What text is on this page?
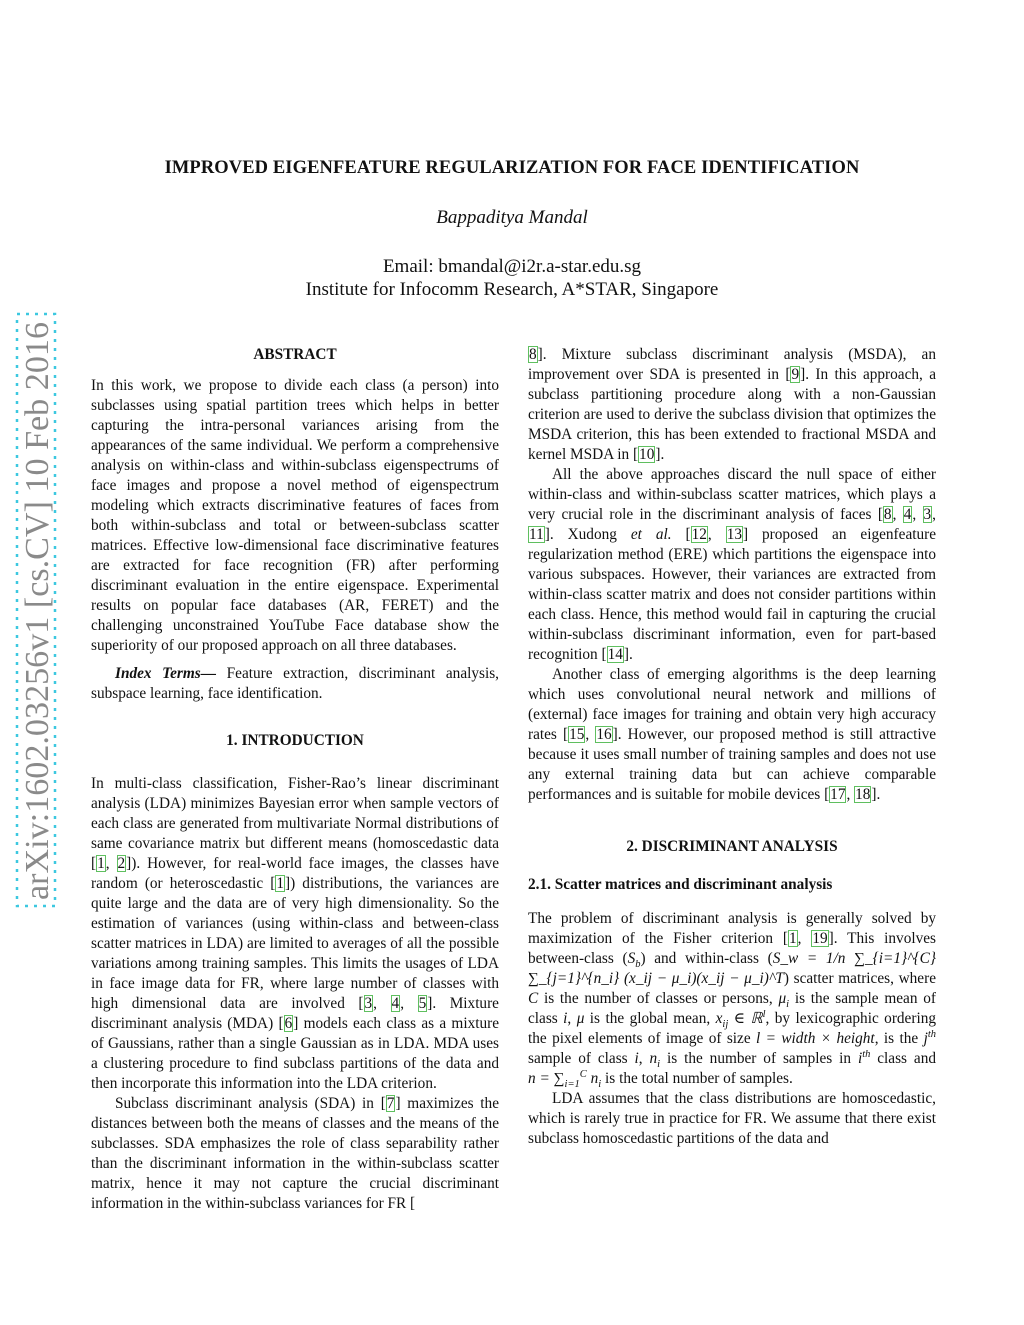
arXiv:1602.03256v1 [cs.CV] 10 Feb 2016
IMPROVED EIGENFEATURE REGULARIZATION FOR FACE IDENTIFICATION
Bappaditya Mandal
Email: bmandal@i2r.a-star.edu.sg
Institute for Infocomm Research, A*STAR, Singapore

ABSTRACT

In this work, we propose to divide each class (a person) into subclasses using spatial partition trees which helps in better capturing the intra-personal variances arising from the appearances of the same individual. We perform a comprehensive analysis on within-class and within-subclass eigenspectrums of face images and propose a novel method of eigenspectrum modeling which extracts discriminative features of faces from both within-subclass and total or between-subclass scatter matrices. Effective low-dimensional face discriminative features are extracted for face recognition (FR) after performing discriminant evaluation in the entire eigenspace. Experimental results on popular face databases (AR, FERET) and the challenging unconstrained YouTube Face database show the superiority of our proposed approach on all three databases.

Index Terms— Feature extraction, discriminant analysis, subspace learning, face identification.

1. INTRODUCTION

In multi-class classification, Fisher-Rao’s linear discriminant analysis (LDA) minimizes Bayesian error when sample vectors of each class are generated from multivariate Normal distributions of same covariance matrix but different means (homoscedastic data [1, 2]). However, for real-world face images, the classes have random (or heteroscedastic [1]) distributions, the variances are quite large and the data are of very high dimensionality. So the estimation of variances (using within-class and between-class scatter matrices in LDA) are limited to averages of all the possible variations among training samples. This limits the usages of LDA in face image data for FR, where large number of classes with high dimensional data are involved [3, 4, 5]. Mixture discriminant analysis (MDA) [6] models each class as a mixture of Gaussians, rather than a single Gaussian as in LDA. MDA uses a clustering procedure to find subclass partitions of the data and then incorporate this information into the LDA criterion.

Subclass discriminant analysis (SDA) in [7] maximizes the distances between both the means of classes and the means of the subclasses. SDA emphasizes the role of class separability rather than the discriminant information in the within-subclass scatter matrix, hence it may not capture the crucial discriminant information in the within-subclass variances for FR [

8]. Mixture subclass discriminant analysis (MSDA), an improvement over SDA is presented in [9]. In this approach, a subclass partitioning procedure along with a non-Gaussian criterion are used to derive the subclass division that optimizes the MSDA criterion, this has been extended to fractional MSDA and kernel MSDA in [10].

All the above approaches discard the null space of either within-class and within-subclass scatter matrices, which plays a very crucial role in the discriminant analysis of faces [8, 4, 3, 11]. Xudong et al. [12, 13] proposed an eigenfeature regularization method (ERE) which partitions the eigenspace into various subspaces. However, their variances are extracted from within-class scatter matrix and does not consider partitions within each class. Hence, this method would fail in capturing the crucial within-subclass discriminant information, even for part-based recognition [14].

Another class of emerging algorithms is the deep learning which uses convolutional neural network and millions of (external) face images for training and obtain very high accuracy rates [15, 16]. However, our proposed method is still attractive because it uses small number of training samples and does not use any external training data but can achieve comparable performances and is suitable for mobile devices [17, 18].

2. DISCRIMINANT ANALYSIS

2.1. Scatter matrices and discriminant analysis

The problem of discriminant analysis is generally solved by maximization of the Fisher criterion [1, 19]. This involves between-class $(S_b)$ and within-class (S_w = 1/n ∑_{i=1}^{C} ∑_{j=1}^{n_i} (x_ij − μ_i)(x_ij − μ_i)^T) scatter matrices, where C is the number of classes or persons, $\mu_i$ is the sample mean of class i, μ is the global mean, $x_{ij}$ ∈ ℝ$^l$, by lexicographic ordering the pixel elements of image of size l = width × height, is the $j^{th}$ sample of class i, $n_i$ is the number of samples in $i^{th}$ class and $n = \sum_{i=1}^C$ $n_i$ is the total number of samples.

LDA assumes that the class distributions are homoscedastic, which is rarely true in practice for FR. We assume that there exist subclass homoscedastic partitions of the data and
